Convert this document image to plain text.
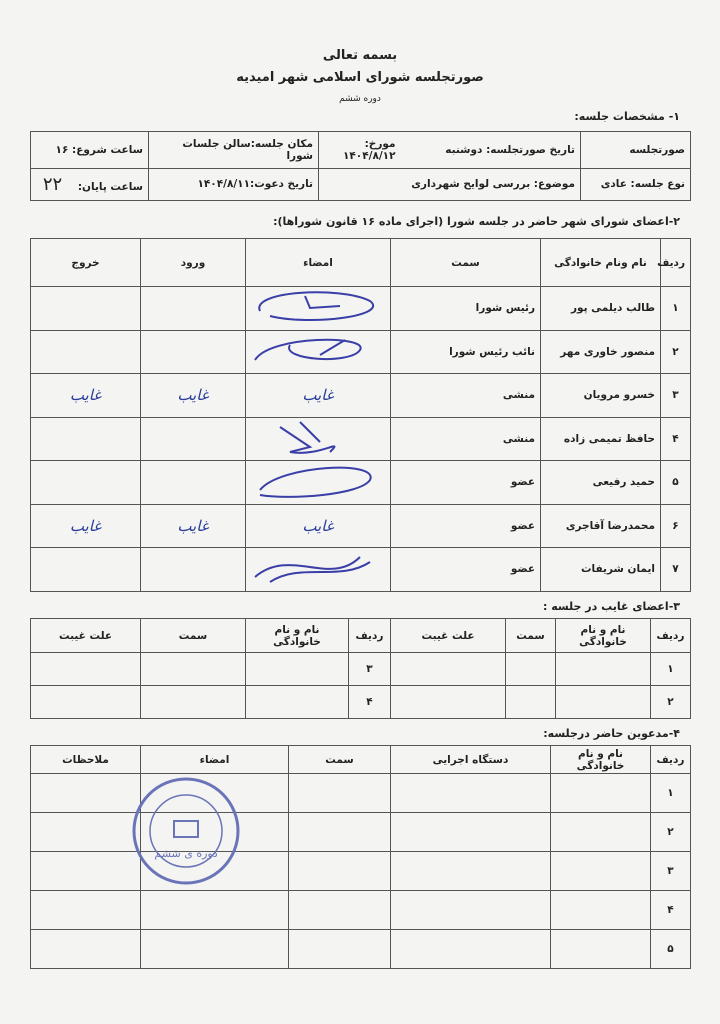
بسمه تعالی
صورتجلسه شورای اسلامی شهر امیدیه
دوره ششم
۱- مشخصات جلسه:
صورتجلسه	تاریخ صورتجلسه: دوشنبه	مورخ: ۱۴۰۴/۸/۱۲	مکان جلسه:سالن جلسات شورا	ساعت شروع: ۱۶
نوع جلسه: عادی	موضوع: بررسی لوایح شهرداری		تاریخ دعوت:۱۴۰۴/۸/۱۱	ساعت پایان: ۲۲
۲-اعضای شورای شهر حاضر در جلسه شورا (اجرای ماده ۱۶ قانون شوراها):
ردیف	نام ونام خانوادگی	سمت	امضاء	ورود	خروج
۱	طالب دیلمی پور	رئیس شورا			
۲	منصور خاوری مهر	نائب رئیس شورا			
۳	خسرو مرویان	منشی	غایب	غایب	غایب
۴	حافظ تمیمی زاده	منشی			
۵	حمید رفیعی	عضو			
۶	محمدرضا آقاجری	عضو	غایب	غایب	غایب
۷	ایمان شریفات	عضو			
۳-اعضای غایب در جلسه :
ردیف	نام و نام خانوادگی	سمت	علت غیبت	ردیف	نام و نام خانوادگی	سمت	علت غیبت
۱				۳			
۲				۴			
۴-مدعوین حاضر درجلسه:
ردیف	نام و نام خانوادگی	دستگاه اجرایی	سمت	امضاء	ملاحظات
۱					
۲					
۳					
۴					
۵					
دوره ی ششم
